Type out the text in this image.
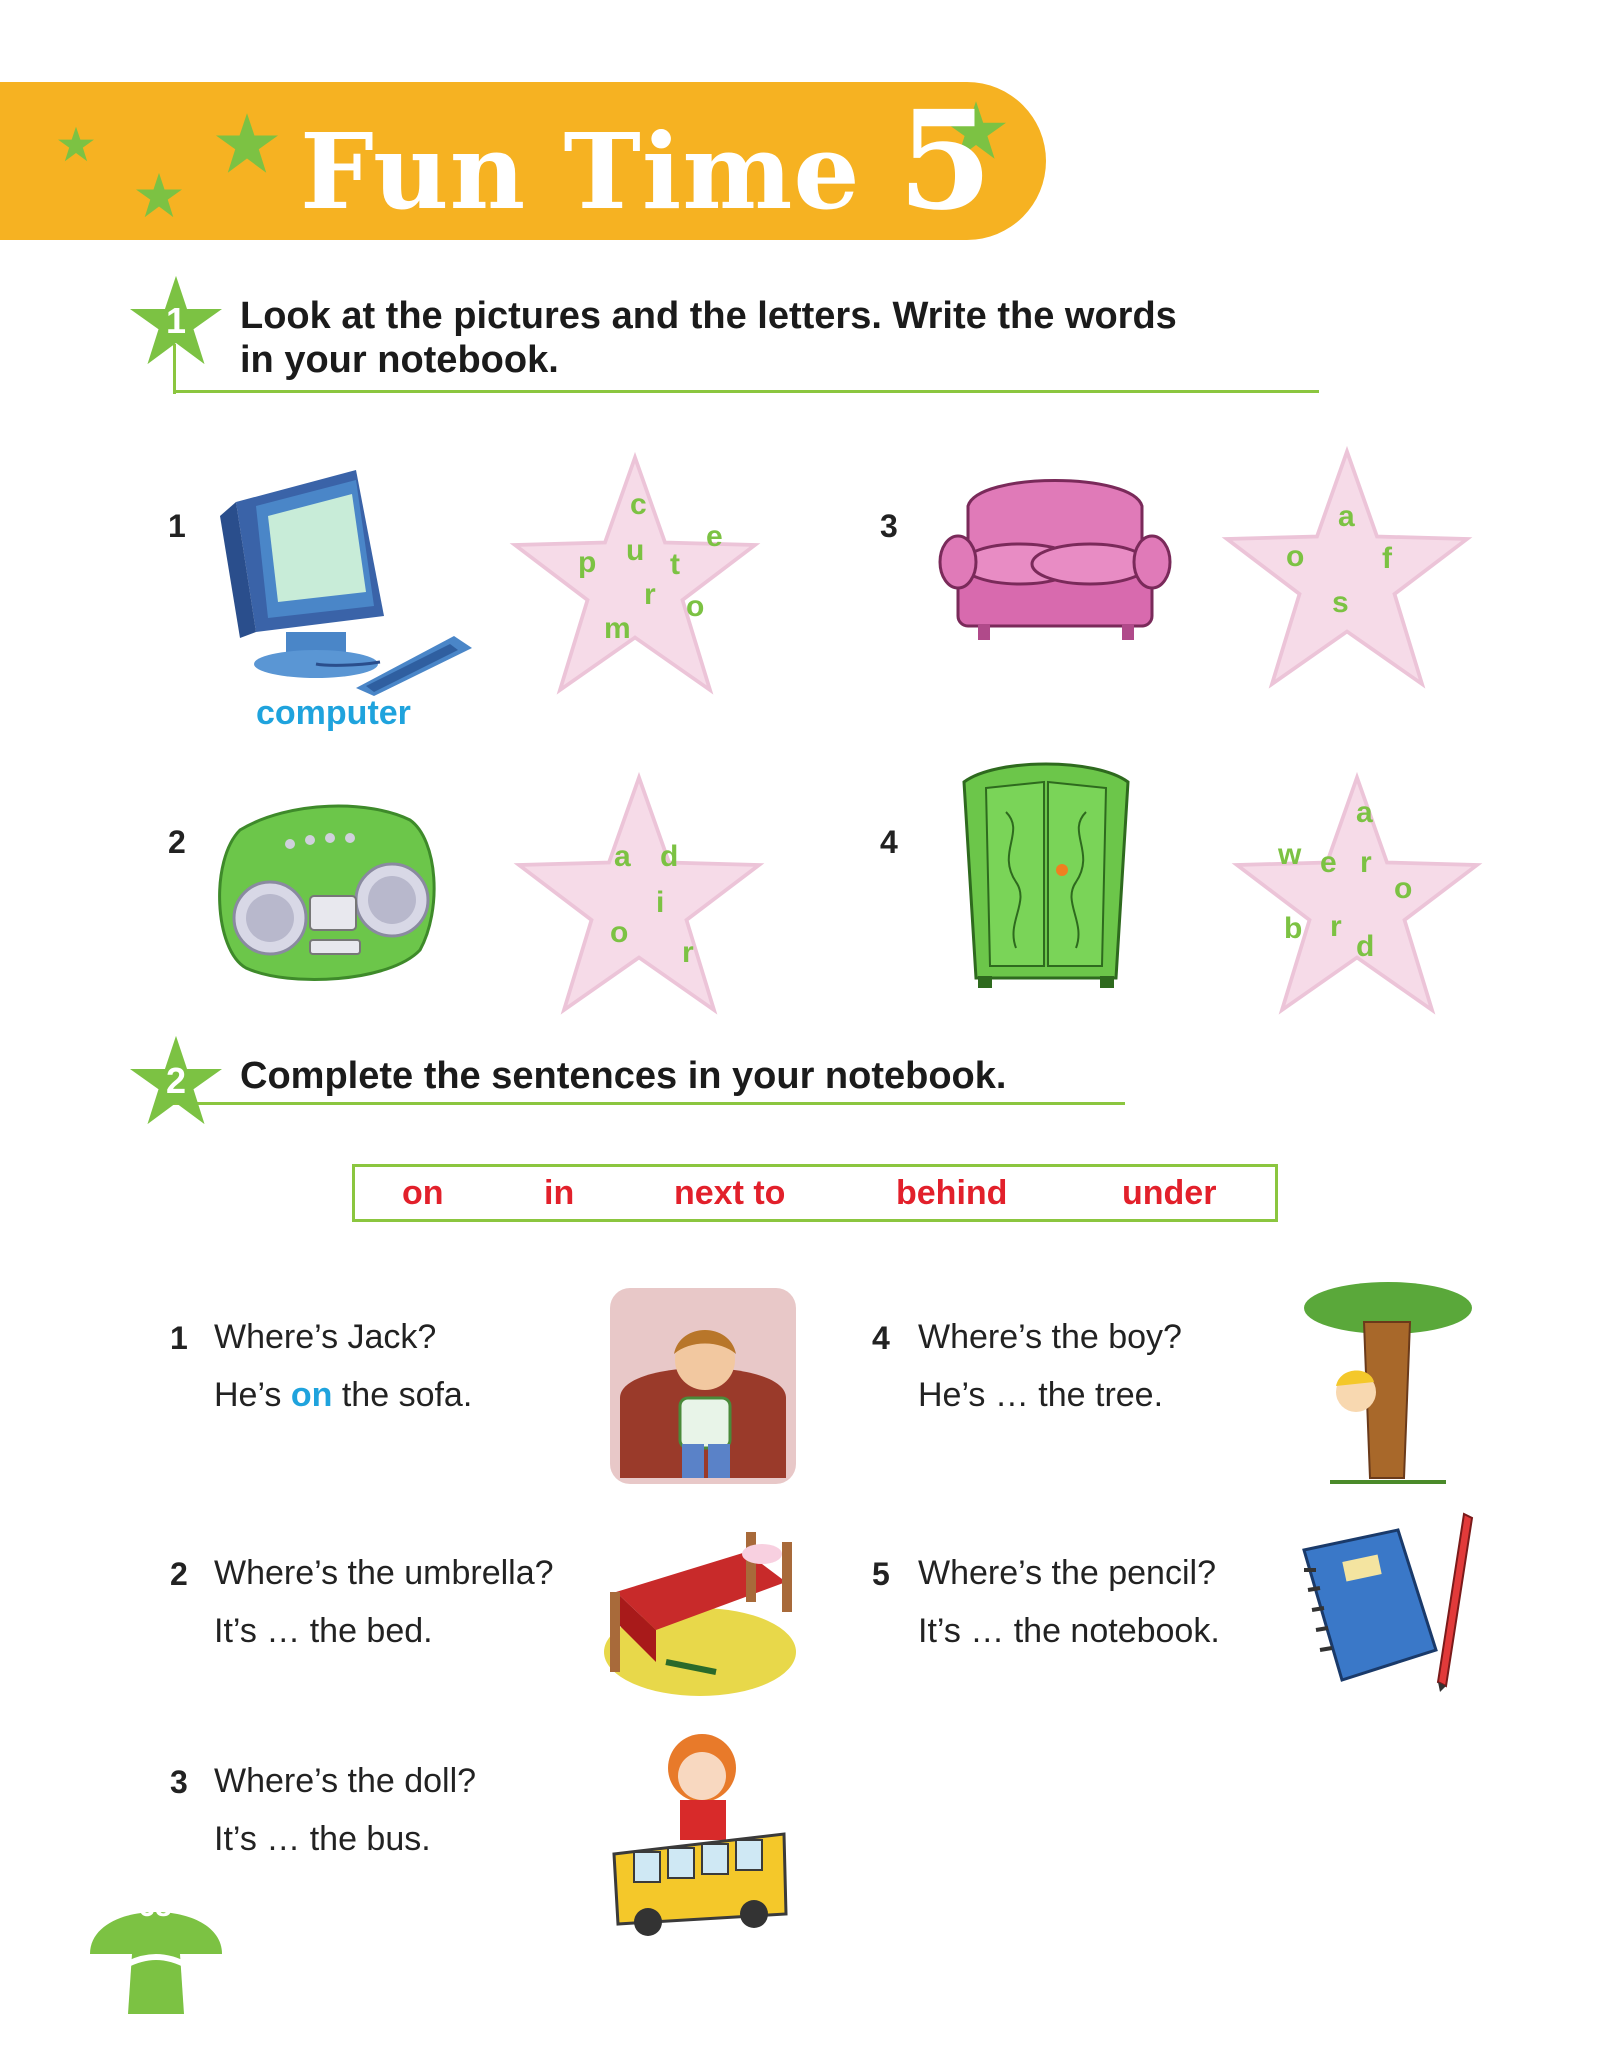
Fun Time 5
1	Look at the pictures and the letters. Write the words
in your notebook.
1
computer
c
e
p u t
r o
m
2	a d
i
o
r
3	a
o	f
s
4
a
w e r
o
b r
d
2	Complete the sentences in your notebook.
on	in	next to	behind	under
1 Where’s Jack?
He’s on the sofa.
2 Where’s the umbrella?
It’s … the bed.
3 Where’s the doll?
It’s … the bus.
4 Where’s the boy?
He’s … the tree.
5 Where’s the pencil?
It’s … the notebook.
68
